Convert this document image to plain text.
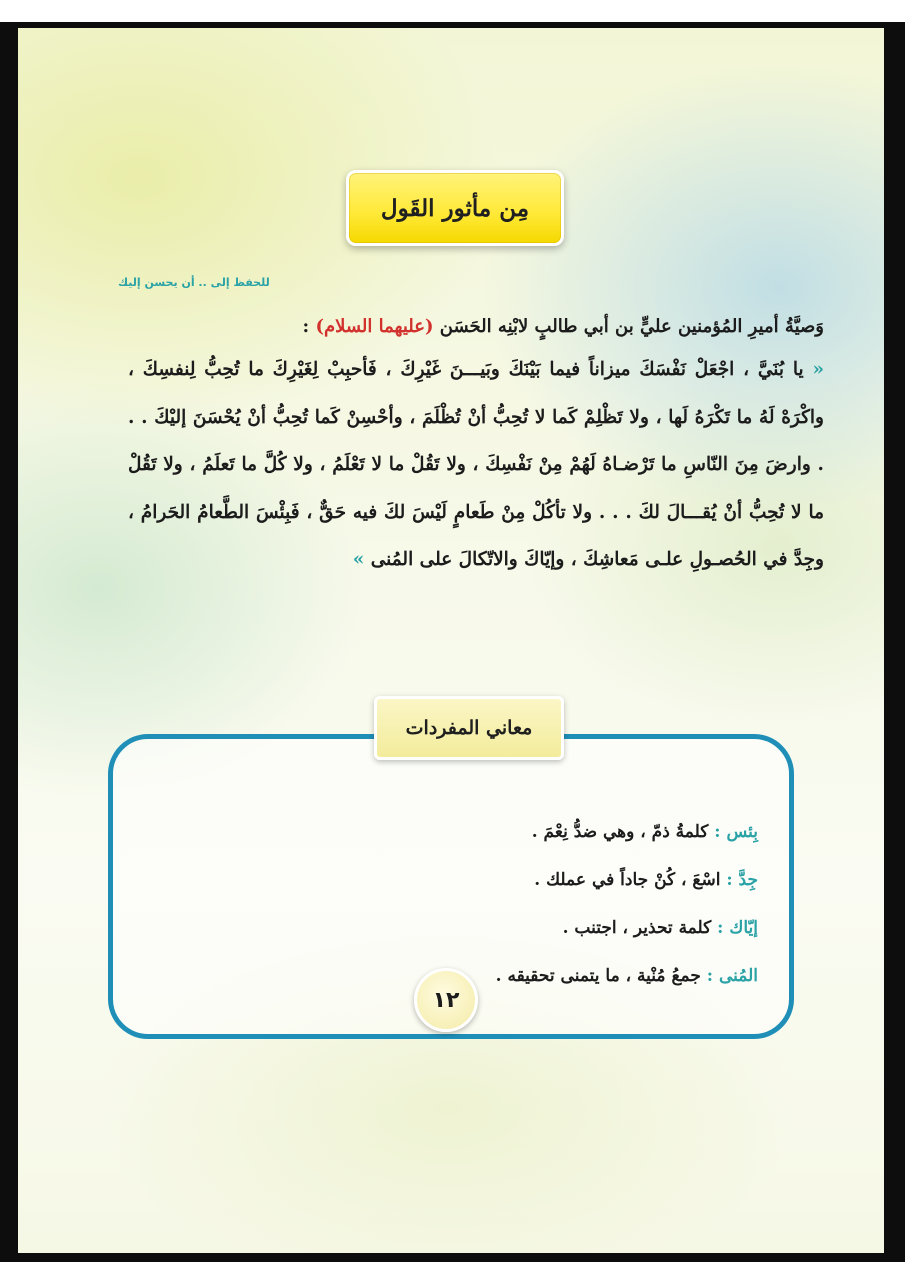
مِن مأثور القَول
للحفظ إلى .. أن يحسن إليك
وَصيَّةُ أميرِ المُؤمنين عليٍّ بن أبي طالبٍ لابْنِه الحَسَن (عليهما السلام) :
« يا بُنَيَّ ، اجْعَلْ نَفْسَكَ ميزاناً فيما بَيْنَكَ وبَيـــنَ غَيْرِكَ ، فَأحبِبْ لِغَيْرِكَ ما تُحِبُّ لِنفسِكَ ، واكْرَهْ لَهُ ما تَكْرَهُ لَها ، ولا تَظْلِمْ كَما لا تُحِبُّ أنْ تُظْلَمَ ، وأحْسِنْ كَما تُحِبُّ أنْ يُحْسَنَ إليْكَ . . . وارضَ مِنَ النّاسِ ما تَرْضـاهُ لَهُمْ مِنْ نَفْسِكَ ، ولا تَقُلْ ما لا تَعْلَمُ ، ولا كُلَّ ما تَعلَمُ ، ولا تَقُلْ ما لا تُحِبُّ أنْ يُقـــالَ لكَ . . . ولا تأكُلْ مِنْ طَعامٍ لَيْسَ لكَ فيه حَقٌّ ، فَبِئْسَ الطَّعامُ الحَرامُ ، وجِدَّ في الحُصـولِ علـى مَعاشِكَ ، وإيّاكَ والاتّكالَ على المُنى »
معاني المفردات
بِئس : كلمةُ ذمّ ، وهي ضدُّ نِعْمَ .
جِدَّ : اسْعَ ، كُنْ جاداً في عملك .
إيّاك : كلمة تحذير ، اجتنب .
المُنى : جمعُ مُنْية ، ما يتمنى تحقيقه .
١٢
